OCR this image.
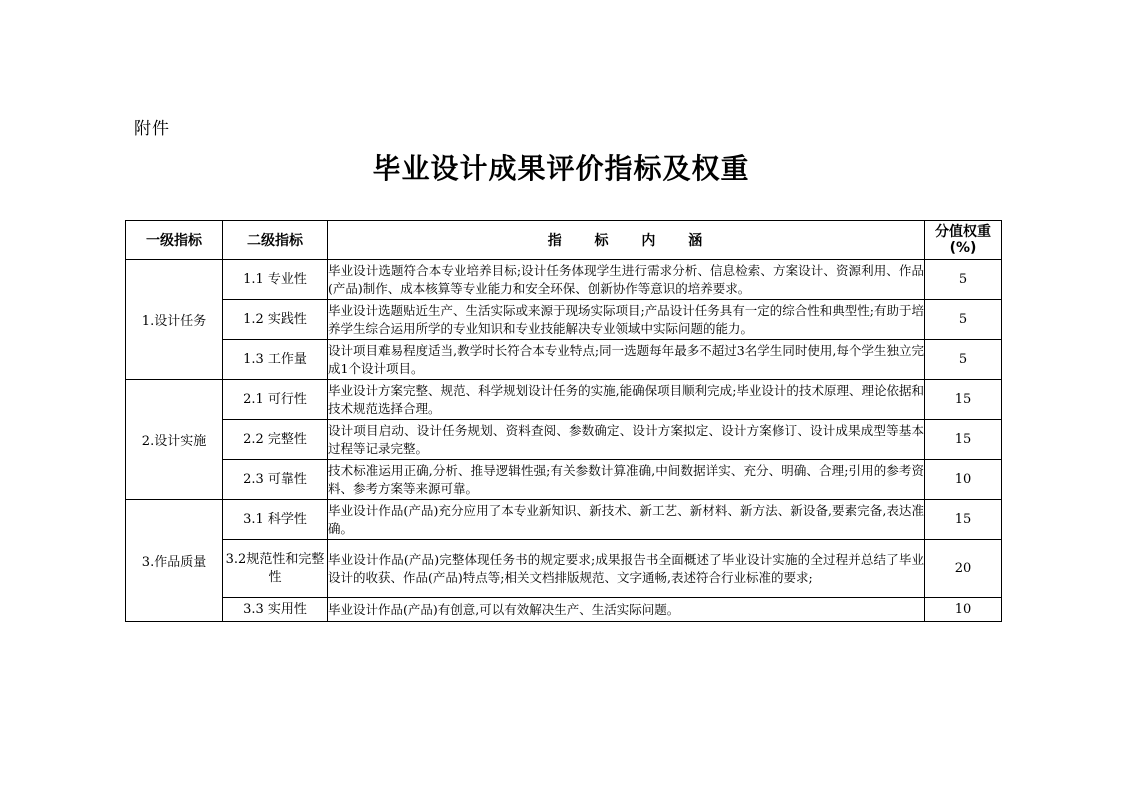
附件
毕业设计成果评价指标及权重
一级指标	二级指标	指 标 内 涵	分值权重
(%)

1.设计任务	1.1 专业性	毕业设计选题符合本专业培养目标;设计任务体现学生进行需求分析、信息检索、方案设计、资源利用、作品(产品)制作、成本核算等专业能力和安全环保、创新协作等意识的培养要求。	5
	1.2 实践性	毕业设计选题贴近生产、生活实际或来源于现场实际项目;产品设计任务具有一定的综合性和典型性;有助于培养学生综合运用所学的专业知识和专业技能解决专业领域中实际问题的能力。	5
	1.3 工作量	设计项目难易程度适当,教学时长符合本专业特点;同一选题每年最多不超过3名学生同时使用,每个学生独立完成1个设计项目。	5
2.设计实施	2.1 可行性	毕业设计方案完整、规范、科学规划设计任务的实施,能确保项目顺利完成;毕业设计的技术原理、理论依据和技术规范选择合理。	15
	2.2 完整性	设计项目启动、设计任务规划、资料查阅、参数确定、设计方案拟定、设计方案修订、设计成果成型等基本过程等记录完整。	15
	2.3 可靠性	技术标准运用正确,分析、推导逻辑性强;有关参数计算准确,中间数据详实、充分、明确、合理;引用的参考资料、参考方案等来源可靠。	10
3.作品质量	3.1 科学性	毕业设计作品(产品)充分应用了本专业新知识、新技术、新工艺、新材料、新方法、新设备,要素完备,表达准确。	15
	3.2规范性和完整性	毕业设计作品(产品)完整体现任务书的规定要求;成果报告书全面概述了毕业设计实施的全过程并总结了毕业设计的收获、作品(产品)特点等;相关文档排版规范、文字通畅,表述符合行业标准的要求;	20
	3.3 实用性	毕业设计作品(产品)有创意,可以有效解决生产、生活实际问题。	10
